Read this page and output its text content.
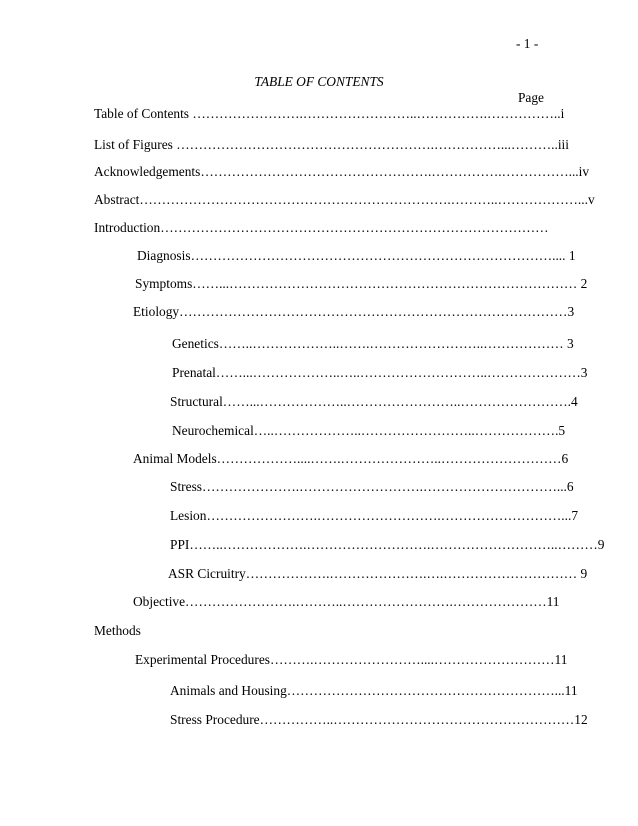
- 1 -
TABLE OF CONTENTS
Page
Table of Contents …………………….……………………..…………….……………..i
List of Figures ………………………………………………….……………...………..iii
Acknowledgements…………………………………………….…………….……………...iv
Abstract…………………………………………………………….………..………………...v
Introduction……………………………………………………………………………
Diagnosis……………………………………………………………………….... 1
Symptoms……...…………………………………………………………………… 2
Etiology……………………………………………………………………………3
Genetics……..………………..…….……………………..……………… 3
Prenatal……...………………..…..………………………..…………………3
Structural……...………………..……………………..…………………….4
Neurochemical…..………………..……………………..……………….5
Animal Models………………....…….…………………..………………………6
Stress………………….……………………….…………………………...6
Lesion…………………….……………………….………………………...7
PPI……..……………….……………………….………………………..………9
ASR Cicruitry……………….………………….….………………………… 9
Objective…………………….………..…………………….…………………11
Methods
Experimental Procedures……….……………………....………………………11
Animals and Housing……………………………………………………...11
Stress Procedure……………..………………………………………………12
